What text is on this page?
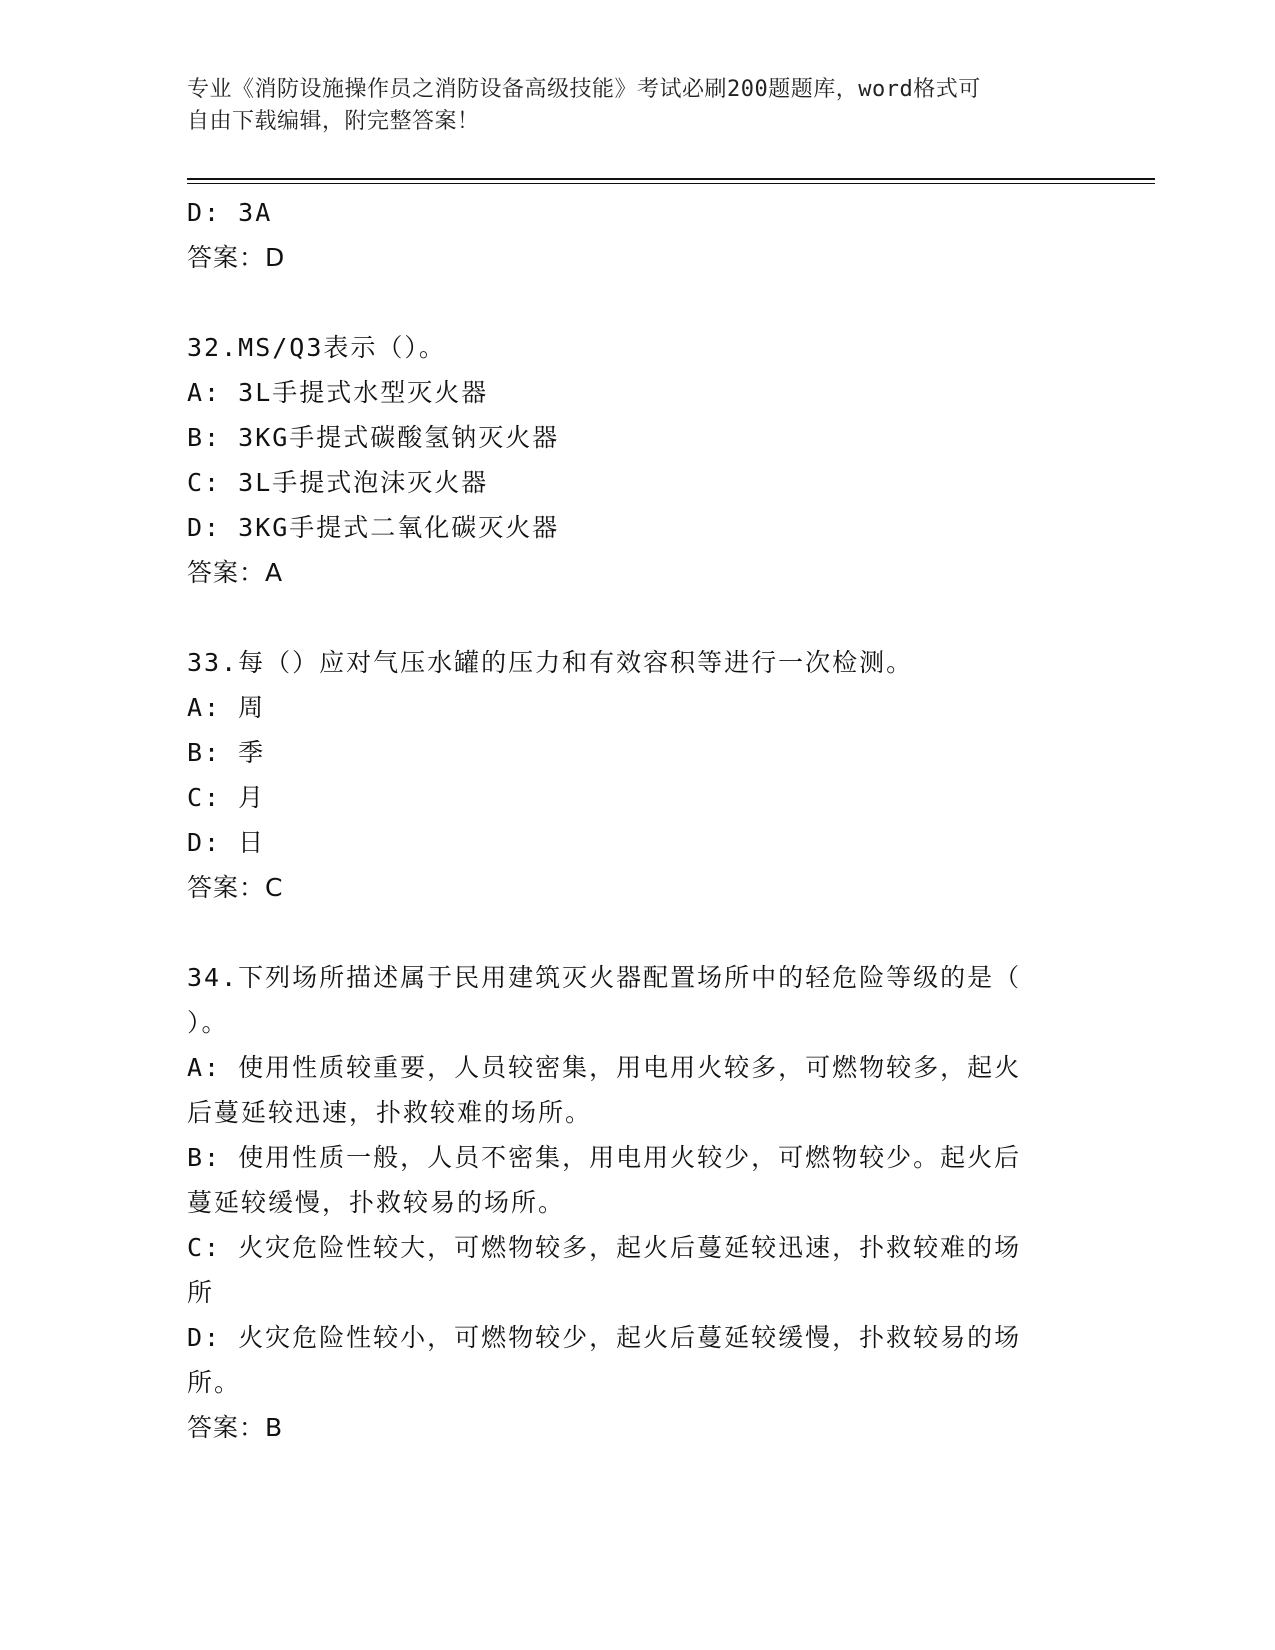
专业《消防设施操作员之消防设备高级技能》考试必刷200题题库，word格式可
自由下载编辑，附完整答案！
D: 3A
答案：D
32.MS/Q3表示（）。
A: 3L手提式水型灭火器
B: 3KG手提式碳酸氢钠灭火器
C: 3L手提式泡沫灭火器
D: 3KG手提式二氧化碳灭火器
答案：A
33.每（）应对气压水罐的压力和有效容积等进行一次检测。
A: 周
B: 季
C: 月
D: 日
答案：C
34.下列场所描述属于民用建筑灭火器配置场所中的轻危险等级的是（
）。
A: 使用性质较重要，人员较密集，用电用火较多，可燃物较多，起火
后蔓延较迅速，扑救较难的场所。
B: 使用性质一般，人员不密集，用电用火较少，可燃物较少。起火后
蔓延较缓慢，扑救较易的场所。
C: 火灾危险性较大，可燃物较多，起火后蔓延较迅速，扑救较难的场
所
D: 火灾危险性较小，可燃物较少，起火后蔓延较缓慢，扑救较易的场
所。
答案：B
